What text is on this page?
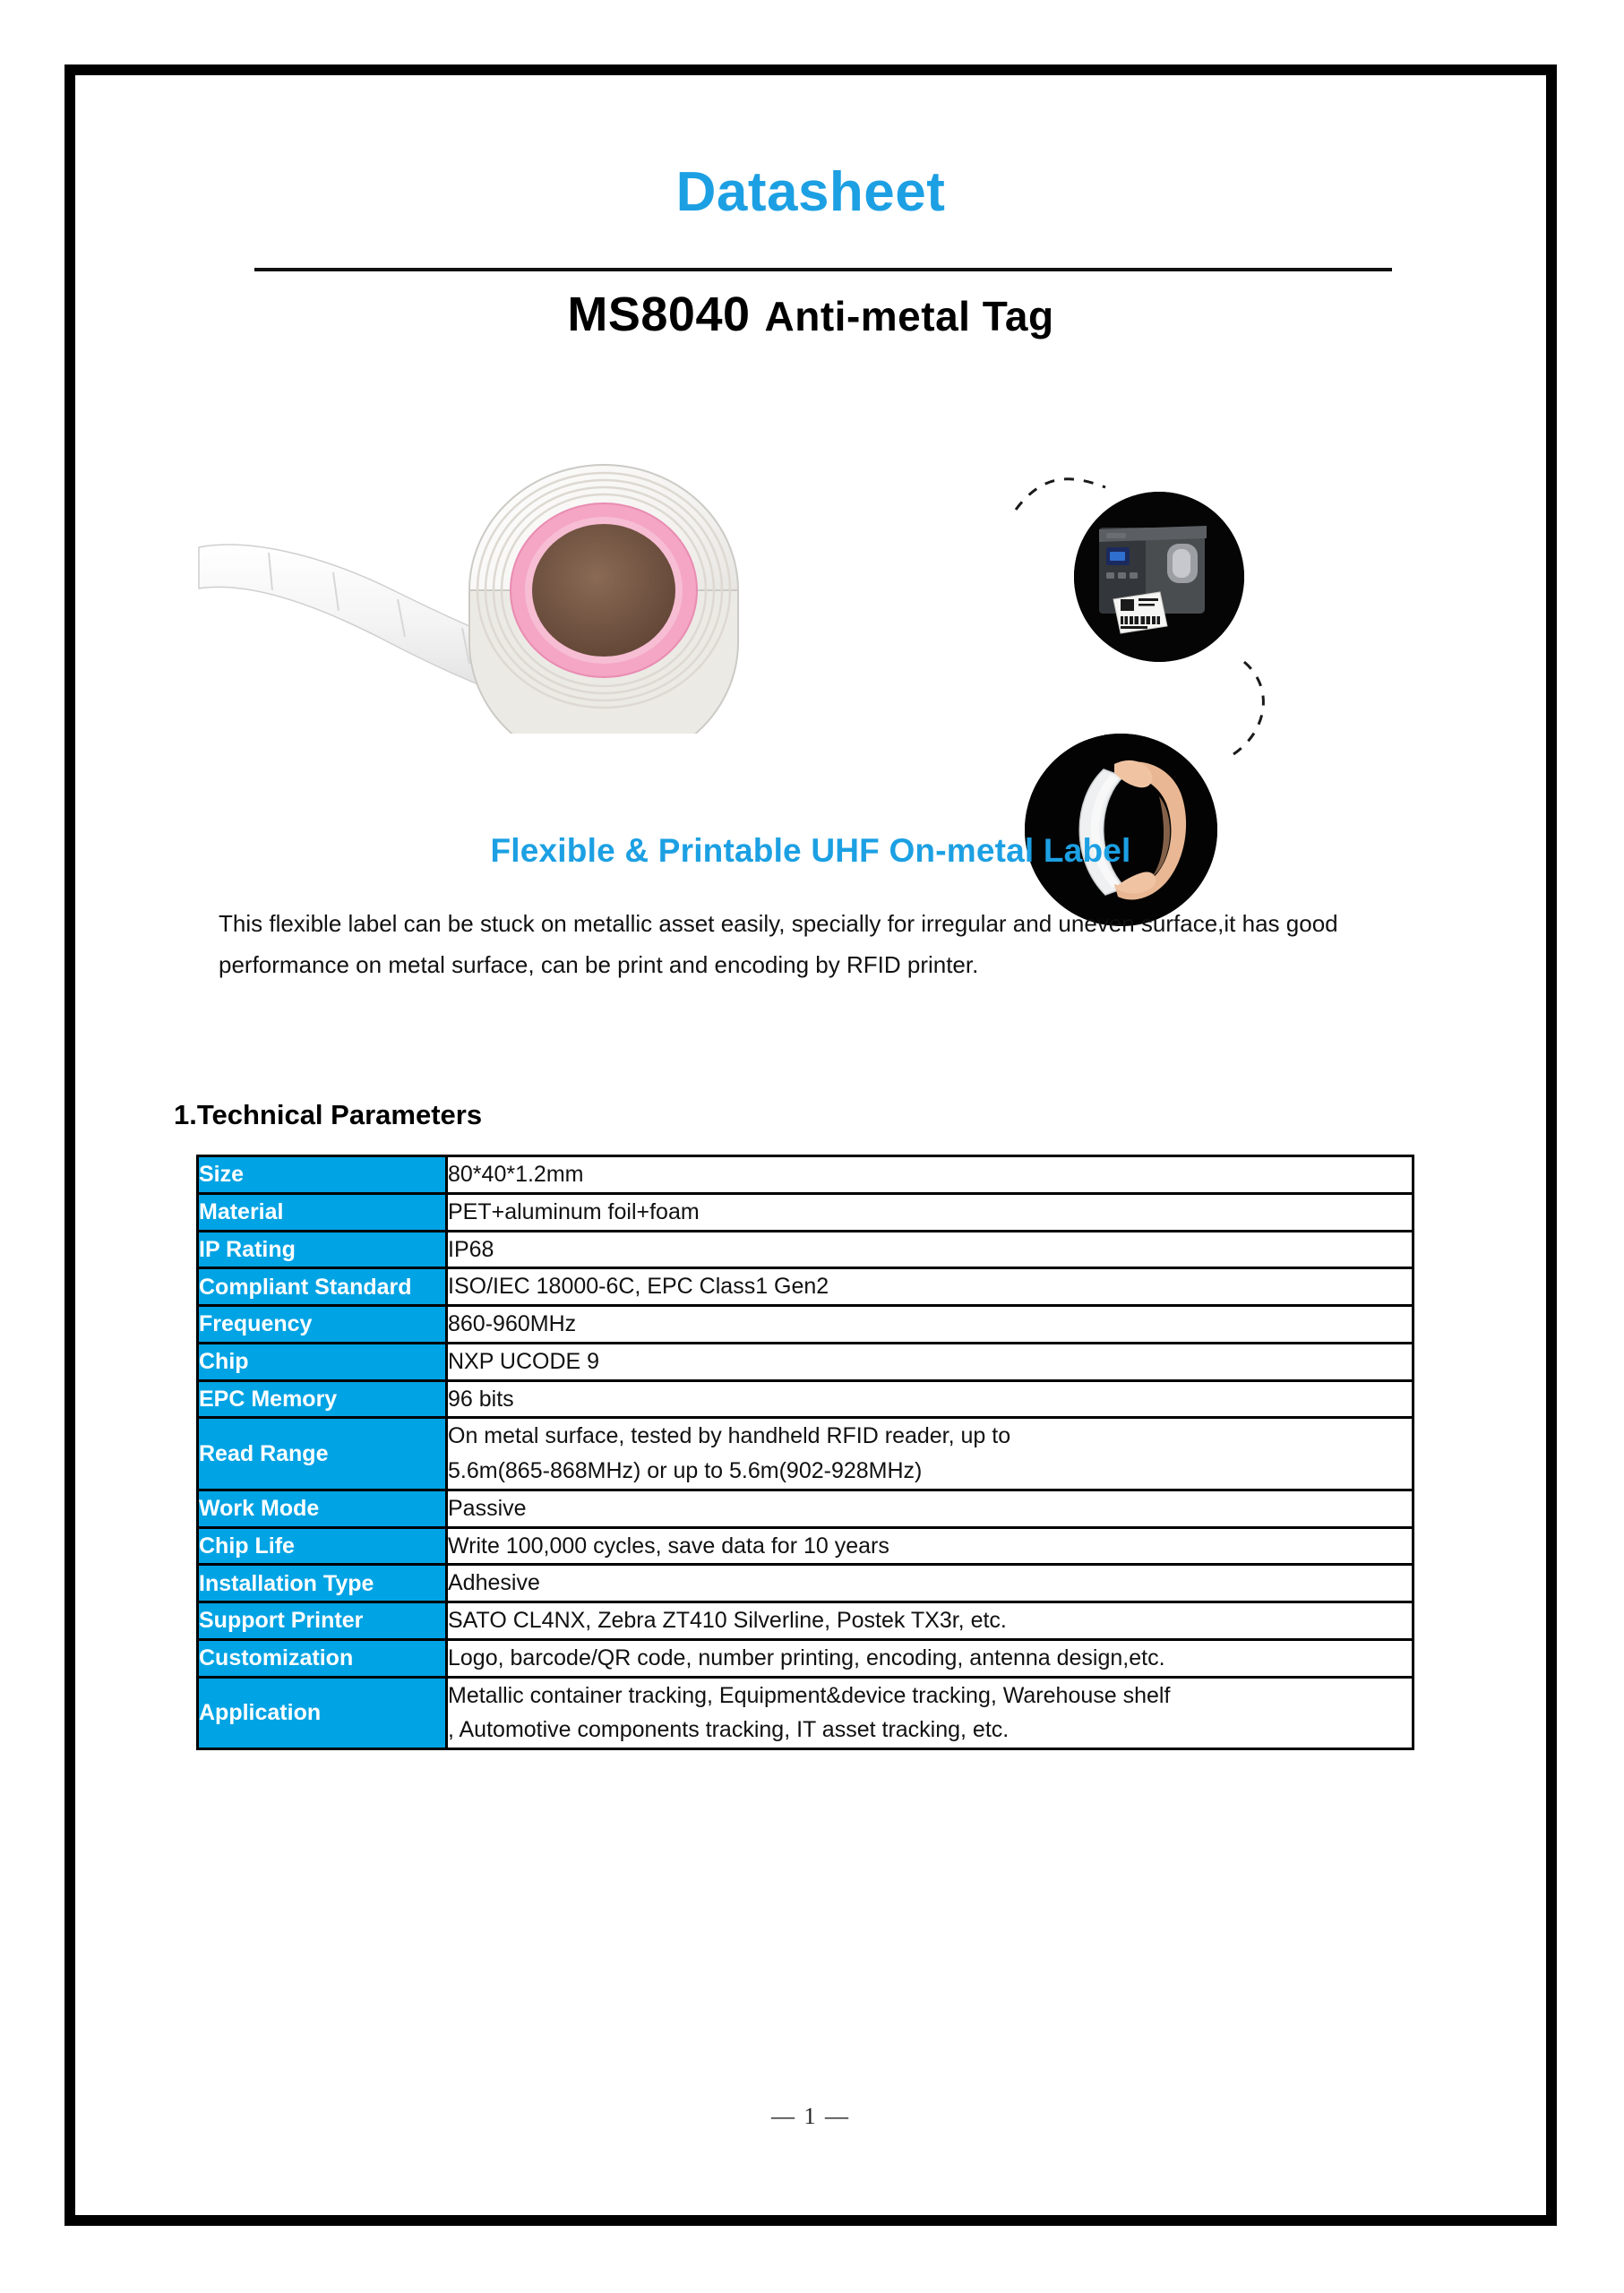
Datasheet
MS8040 Anti-metal Tag
Flexible & Printable UHF On-metal Label
This flexible label can be stuck on metallic asset easily, specially for irregular and uneven surface,it has good performance on metal surface, can be print and encoding by RFID printer.
1.Technical Parameters
Size	80*40*1.2mm
Material	PET+aluminum foil+foam
IP Rating	IP68
Compliant Standard	ISO/IEC 18000-6C, EPC Class1 Gen2
Frequency	860-960MHz
Chip	NXP UCODE 9
EPC Memory	96 bits
Read Range	On metal surface, tested by handheld RFID reader, up to
5.6m(865-868MHz) or up to 5.6m(902-928MHz)

Work Mode	Passive
Chip Life	Write 100,000 cycles, save data for 10 years
Installation Type	Adhesive
Support Printer	SATO CL4NX, Zebra ZT410 Silverline, Postek TX3r, etc.
Customization	Logo, barcode/QR code, number printing, encoding, antenna design,etc.
Application	Metallic container tracking, Equipment&device tracking, Warehouse shelf
, Automotive components tracking, IT asset tracking, etc.
— 1 —
